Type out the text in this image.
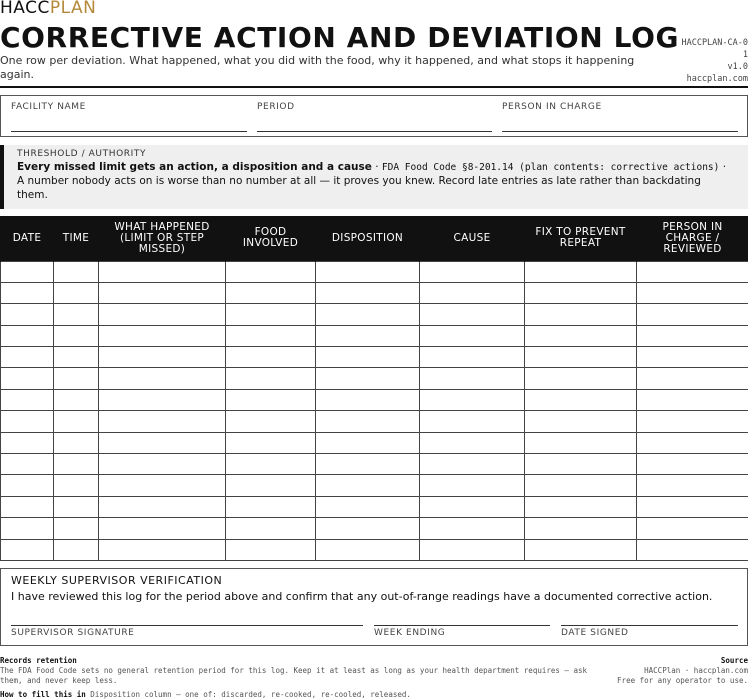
HACCPLAN
CORRECTIVE ACTION AND DEVIATION LOG
One row per deviation. What happened, what you did with the food, why it happened, and what stops it happening again.
HACCPLAN-CA-01
v1.0
haccplan.com
FACILITY NAME	PERIOD	PERSON IN CHARGE
THRESHOLD / AUTHORITY
Every missed limit gets an action, a disposition and a cause · FDA Food Code §8-201.14 (plan contents: corrective actions) · A number nobody acts on is worse than no number at all — it proves you knew. Record late entries as late rather than backdating them.
DATE	TIME	WHAT HAPPENED (LIMIT OR STEP MISSED)	FOOD INVOLVED	DISPOSITION	CAUSE	FIX TO PREVENT REPEAT	PERSON IN CHARGE / REVIEWED

WEEKLY SUPERVISOR VERIFICATION
I have reviewed this log for the period above and confirm that any out-of-range readings have a documented corrective action.
SUPERVISOR SIGNATURE	WEEK ENDING	DATE SIGNED
Records retention
The FDA Food Code sets no general retention period for this log. Keep it at least as long as your health department requires — ask them, and never keep less.
Source
HACCPlan · haccplan.com
Free for any operator to use.
How to fill this in Disposition column — one of: discarded, re-cooked, re-cooled, released.
